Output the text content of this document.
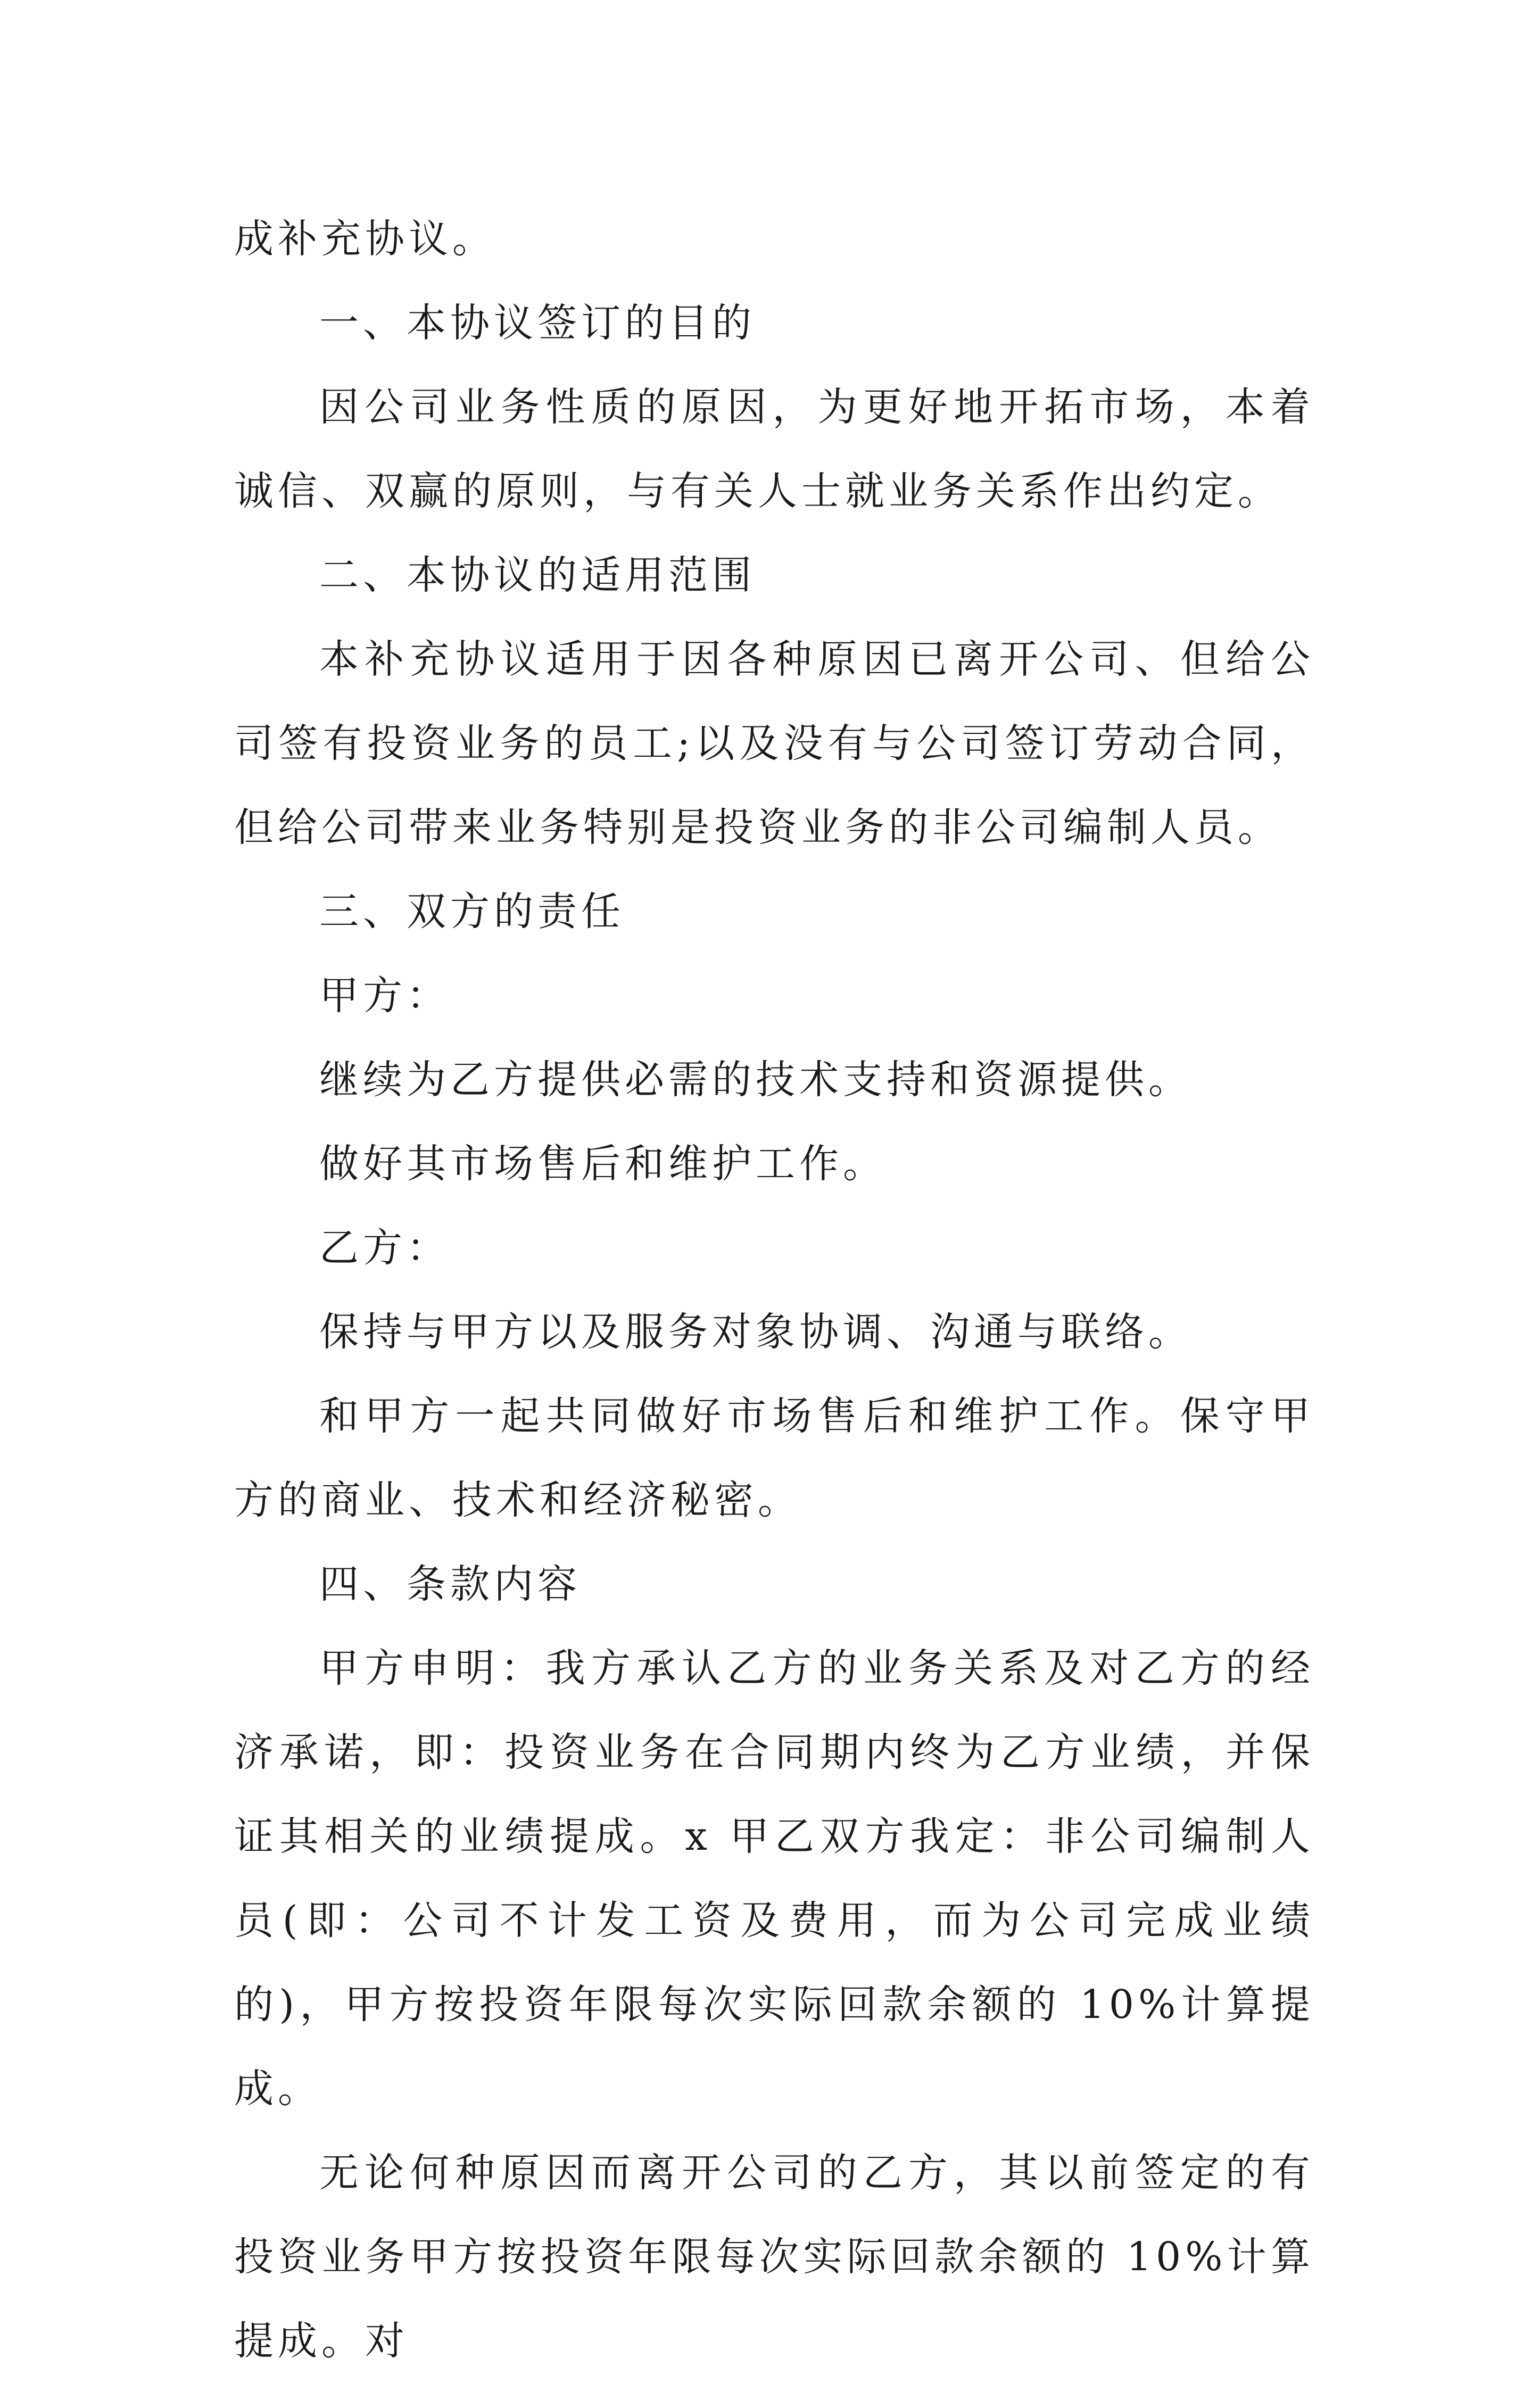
成补充协议。

一、本协议签订的目的

因公司业务性质的原因，为更好地开拓市场，本着诚信、双赢的原则，与有关人士就业务关系作出约定。

二、本协议的适用范围

本补充协议适用于因各种原因已离开公司、但给公司签有投资业务的员工;以及没有与公司签订劳动合同，但给公司带来业务特别是投资业务的非公司编制人员。

三、双方的责任

甲方：

继续为乙方提供必需的技术支持和资源提供。

做好其市场售后和维护工作。

乙方：

保持与甲方以及服务对象协调、沟通与联络。

和甲方一起共同做好市场售后和维护工作。保守甲方的商业、技术和经济秘密。

四、条款内容

甲方申明：我方承认乙方的业务关系及对乙方的经济承诺，即：投资业务在合同期内终为乙方业绩，并保证其相关的业绩提成。x 甲乙双方我定：非公司编制人员(即：公司不计发工资及费用，而为公司完成业绩的)，甲方按投资年限每次实际回款余额的 10%计算提成。

无论何种原因而离开公司的乙方，其以前签定的有投资业务甲方按投资年限每次实际回款余额的 10%计算提成。对
